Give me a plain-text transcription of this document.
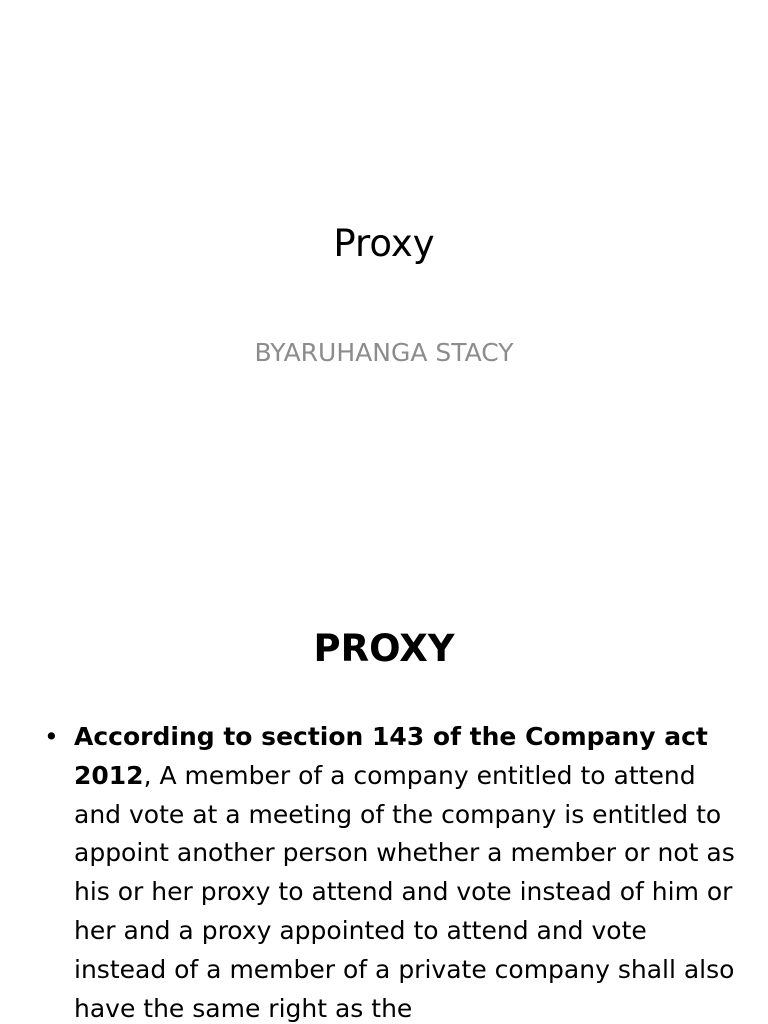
Proxy

BYARUHANGA STACY

PROXY
• According to section 143 of the Company act 2012, A member of a company entitled to attend and vote at a meeting of the company is entitled to appoint another person whether a member or not as his or her proxy to attend and vote instead of him or her and a proxy appointed to attend and vote instead of a member of a private company shall also have the same right as the
